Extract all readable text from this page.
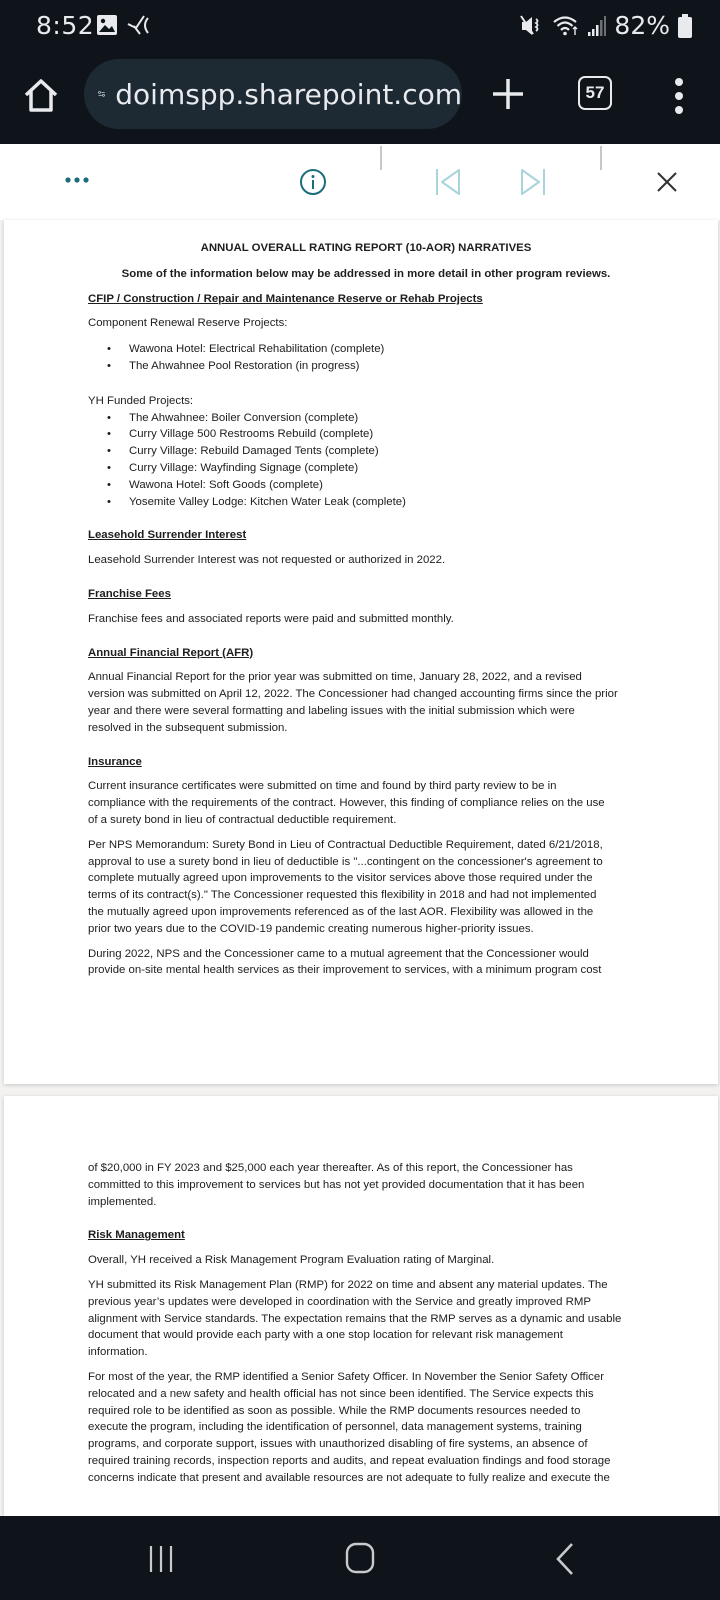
8:52	82%
doimspp.sharepoint.com	57
ANNUAL OVERALL RATING REPORT (10-AOR) NARRATIVES
Some of the information below may be addressed in more detail in other program reviews.
CFIP / Construction / Repair and Maintenance Reserve or Rehab Projects
Component Renewal Reserve Projects:
• Wawona Hotel: Electrical Rehabilitation (complete)
• The Ahwahnee Pool Restoration (in progress)
YH Funded Projects:
• The Ahwahnee: Boiler Conversion (complete)
• Curry Village 500 Restrooms Rebuild (complete)
• Curry Village: Rebuild Damaged Tents (complete)
• Curry Village: Wayfinding Signage (complete)
• Wawona Hotel: Soft Goods (complete)
• Yosemite Valley Lodge: Kitchen Water Leak (complete)
Leasehold Surrender Interest
Leasehold Surrender Interest was not requested or authorized in 2022.
Franchise Fees
Franchise fees and associated reports were paid and submitted monthly.
Annual Financial Report (AFR)
Annual Financial Report for the prior year was submitted on time, January 28, 2022, and a revised
version was submitted on April 12, 2022. The Concessioner had changed accounting firms since the prior
year and there were several formatting and labeling issues with the initial submission which were
resolved in the subsequent submission.
Insurance
Current insurance certificates were submitted on time and found by third party review to be in
compliance with the requirements of the contract. However, this finding of compliance relies on the use
of a surety bond in lieu of contractual deductible requirement.
Per NPS Memorandum: Surety Bond in Lieu of Contractual Deductible Requirement, dated 6/21/2018,
approval to use a surety bond in lieu of deductible is "...contingent on the concessioner's agreement to
complete mutually agreed upon improvements to the visitor services above those required under the
terms of its contract(s)." The Concessioner requested this flexibility in 2018 and had not implemented
the mutually agreed upon improvements referenced as of the last AOR. Flexibility was allowed in the
prior two years due to the COVID-19 pandemic creating numerous higher-priority issues.
During 2022, NPS and the Concessioner came to a mutual agreement that the Concessioner would
provide on-site mental health services as their improvement to services, with a minimum program cost
of $20,000 in FY 2023 and $25,000 each year thereafter. As of this report, the Concessioner has
committed to this improvement to services but has not yet provided documentation that it has been
implemented.
Risk Management
Overall, YH received a Risk Management Program Evaluation rating of Marginal.
YH submitted its Risk Management Plan (RMP) for 2022 on time and absent any material updates. The
previous year’s updates were developed in coordination with the Service and greatly improved RMP
alignment with Service standards. The expectation remains that the RMP serves as a dynamic and usable
document that would provide each party with a one stop location for relevant risk management
information.
For most of the year, the RMP identified a Senior Safety Officer. In November the Senior Safety Officer
relocated and a new safety and health official has not since been identified. The Service expects this
required role to be identified as soon as possible. While the RMP documents resources needed to
execute the program, including the identification of personnel, data management systems, training
programs, and corporate support, issues with unauthorized disabling of fire systems, an absence of
required training records, inspection reports and audits, and repeat evaluation findings and food storage
concerns indicate that present and available resources are not adequate to fully realize and execute the
